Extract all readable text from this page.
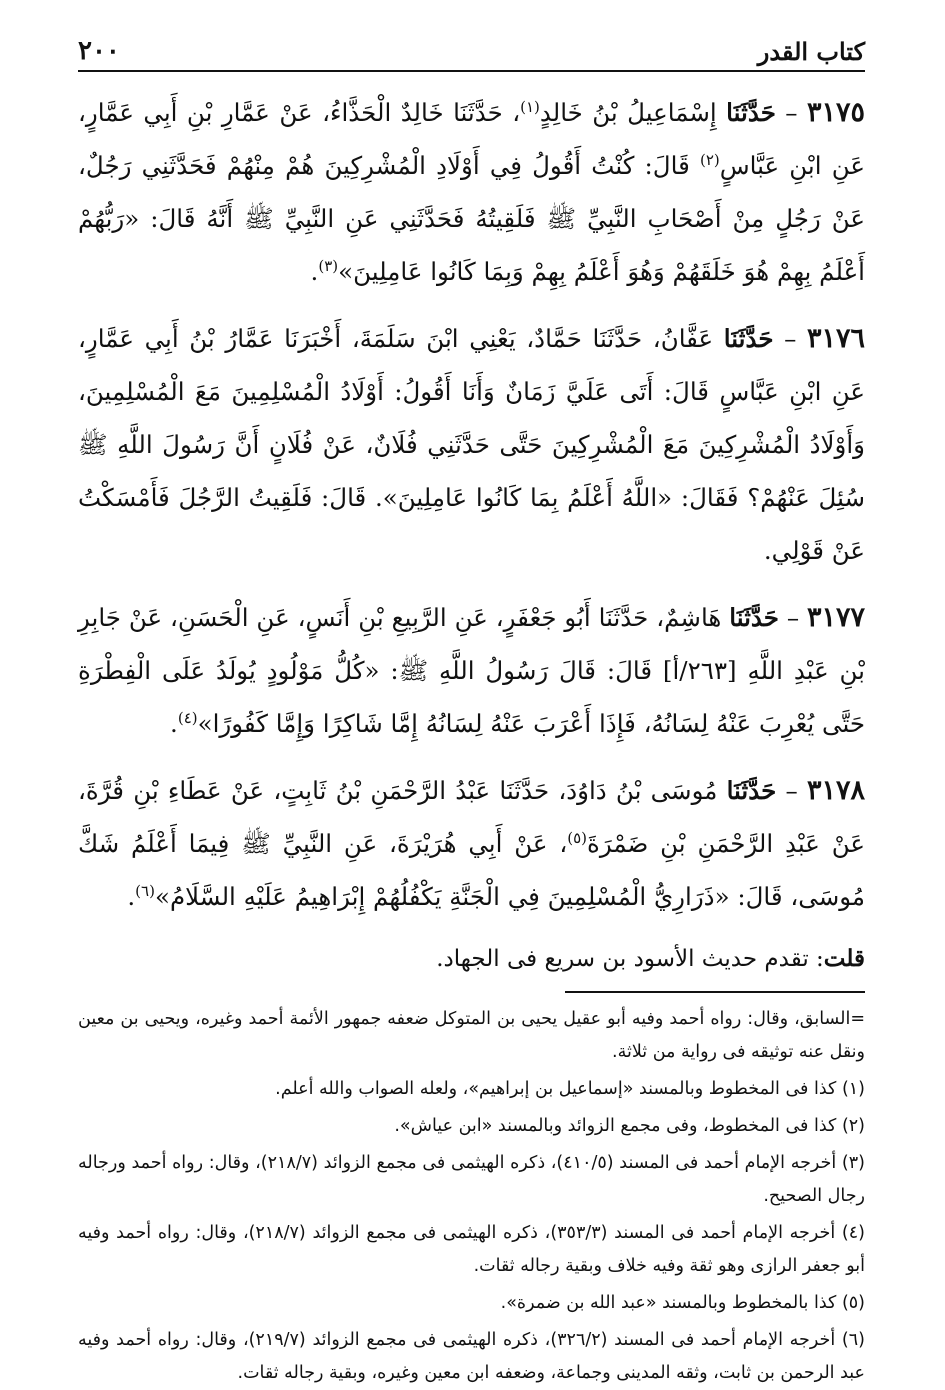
كتاب القدر
٢٠٠

٣١٧٥ – حَدَّثَنَا إِسْمَاعِيلُ بْنُ خَالِدٍ$^{(١)}$، حَدَّثَنَا خَالِدٌ الْحَذَّاءُ، عَنْ عَمَّارِ بْنِ أَبِي عَمَّارٍ، عَنِ ابْنِ عَبَّاسٍ$^{(٢)}$ قَالَ: كُنْتُ أَقُولُ فِي أَوْلَادِ الْمُشْرِكِينَ هُمْ مِنْهُمْ فَحَدَّثَنِي رَجُلٌ، عَنْ رَجُلٍ مِنْ أَصْحَابِ النَّبِيِّ ﷺ فَلَقِيتُهُ فَحَدَّثَنِي عَنِ النَّبِيِّ ﷺ أَنَّهُ قَالَ: «رَبُّهُمْ أَعْلَمُ بِهِمْ هُوَ خَلَقَهُمْ وَهُوَ أَعْلَمُ بِهِمْ وَبِمَا كَانُوا عَامِلِينَ»$^{(٣)}$.

٣١٧٦ – حَدَّثَنَا عَفَّانُ، حَدَّثَنَا حَمَّادٌ، يَعْنِي ابْنَ سَلَمَةَ، أَخْبَرَنَا عَمَّارُ بْنُ أَبِي عَمَّارٍ، عَنِ ابْنِ عَبَّاسٍ قَالَ: أَتَى عَلَيَّ زَمَانٌ وَأَنَا أَقُولُ: أَوْلَادُ الْمُسْلِمِينَ مَعَ الْمُسْلِمِينَ، وَأَوْلَادُ الْمُشْرِكِينَ مَعَ الْمُشْرِكِينَ حَتَّى حَدَّثَنِي فُلَانٌ، عَنْ فُلَانٍ أَنَّ رَسُولَ اللَّهِ ﷺ سُئِلَ عَنْهُمْ؟ فَقَالَ: «اللَّهُ أَعْلَمُ بِمَا كَانُوا عَامِلِينَ». قَالَ: فَلَقِيتُ الرَّجُلَ فَأَمْسَكْتُ عَنْ قَوْلِي.

٣١٧٧ – حَدَّثَنَا هَاشِمٌ، حَدَّثَنَا أَبُو جَعْفَرٍ، عَنِ الرَّبِيعِ بْنِ أَنَسٍ، عَنِ الْحَسَنِ، عَنْ جَابِرِ بْنِ عَبْدِ اللَّهِ [٢٦٣/أ] قَالَ: قَالَ رَسُولُ اللَّهِ ﷺ: «كُلُّ مَوْلُودٍ يُولَدُ عَلَى الْفِطْرَةِ حَتَّى يُعْرِبَ عَنْهُ لِسَانُهُ، فَإِذَا أَعْرَبَ عَنْهُ لِسَانُهُ إِمَّا شَاكِرًا وَإِمَّا كَفُورًا»$^{(٤)}$.

٣١٧٨ – حَدَّثَنَا مُوسَى بْنُ دَاوُدَ، حَدَّثَنَا عَبْدُ الرَّحْمَنِ بْنُ ثَابِتٍ، عَنْ عَطَاءِ بْنِ قُرَّةَ، عَنْ عَبْدِ الرَّحْمَنِ بْنِ ضَمْرَةَ$^{(٥)}$، عَنْ أَبِي هُرَيْرَةَ، عَنِ النَّبِيِّ ﷺ فِيمَا أَعْلَمُ شَكَّ مُوسَى، قَالَ: «ذَرَارِيُّ الْمُسْلِمِينَ فِي الْجَنَّةِ يَكْفُلُهُمْ إِبْرَاهِيمُ عَلَيْهِ السَّلَامُ»$^{(٦)}$.

قلت: تقدم حديث الأسود بن سريع فى الجهاد.
=السابق، وقال: رواه أحمد وفيه أبو عقيل يحيى بن المتوكل ضعفه جمهور الأئمة أحمد وغيره، ويحيى بن معين ونقل عنه توثيقه فى رواية من ثلاثة.
(١) كذا فى المخطوط وبالمسند «إسماعيل بن إبراهيم»، ولعله الصواب والله أعلم.
(٢) كذا فى المخطوط، وفى مجمع الزوائد وبالمسند «ابن عياش».
(٣) أخرجه الإمام أحمد فى المسند (٤١٠/٥)، ذكره الهيثمى فى مجمع الزوائد (٢١٨/٧)، وقال: رواه أحمد ورجاله رجال الصحيح.
(٤) أخرجه الإمام أحمد فى المسند (٣٥٣/٣)، ذكره الهيثمى فى مجمع الزوائد (٢١٨/٧)، وقال: رواه أحمد وفيه أبو جعفر الرازى وهو ثقة وفيه خلاف وبقية رجاله ثقات.
(٥) كذا بالمخطوط وبالمسند «عبد الله بن ضمرة».
(٦) أخرجه الإمام أحمد فى المسند (٣٢٦/٢)، ذكره الهيثمى فى مجمع الزوائد (٢١٩/٧)، وقال: رواه أحمد وفيه عبد الرحمن بن ثابت، وثقه المدينى وجماعة، وضعفه ابن معين وغيره، وبقية رجاله ثقات.
